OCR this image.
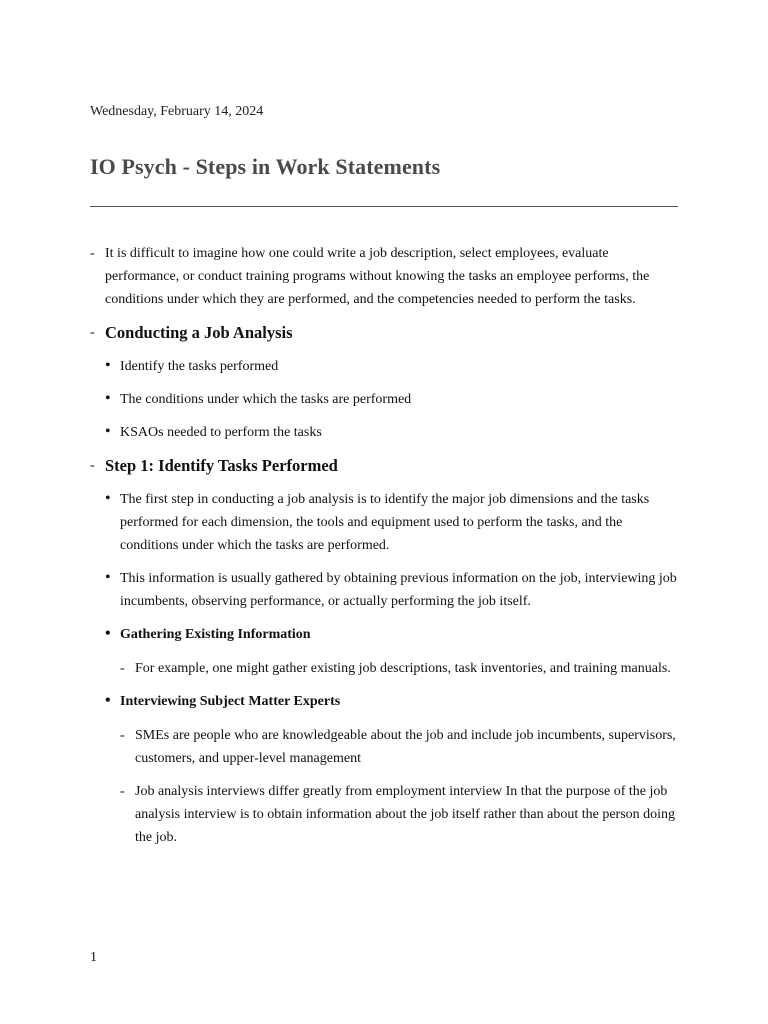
Wednesday, February 14, 2024
IO Psych - Steps in Work Statements
- It is difficult to imagine how one could write a job description, select employees, evaluate performance, or conduct training programs without knowing the tasks an employee performs, the conditions under which they are performed, and the competencies needed to perform the tasks.
- Conducting a Job Analysis
• Identify the tasks performed
• The conditions under which the tasks are performed
• KSAOs needed to perform the tasks
- Step 1: Identify Tasks Performed
• The first step in conducting a job analysis is to identify the major job dimensions and the tasks performed for each dimension, the tools and equipment used to perform the tasks, and the conditions under which the tasks are performed.
• This information is usually gathered by obtaining previous information on the job, interviewing job incumbents, observing performance, or actually performing the job itself.
• Gathering Existing Information
- For example, one might gather existing job descriptions, task inventories, and training manuals.
• Interviewing Subject Matter Experts
- SMEs are people who are knowledgeable about the job and include job incumbents, supervisors, customers, and upper-level management
- Job analysis interviews differ greatly from employment interview In that the purpose of the job analysis interview is to obtain information about the job itself rather than about the person doing the job.
1
